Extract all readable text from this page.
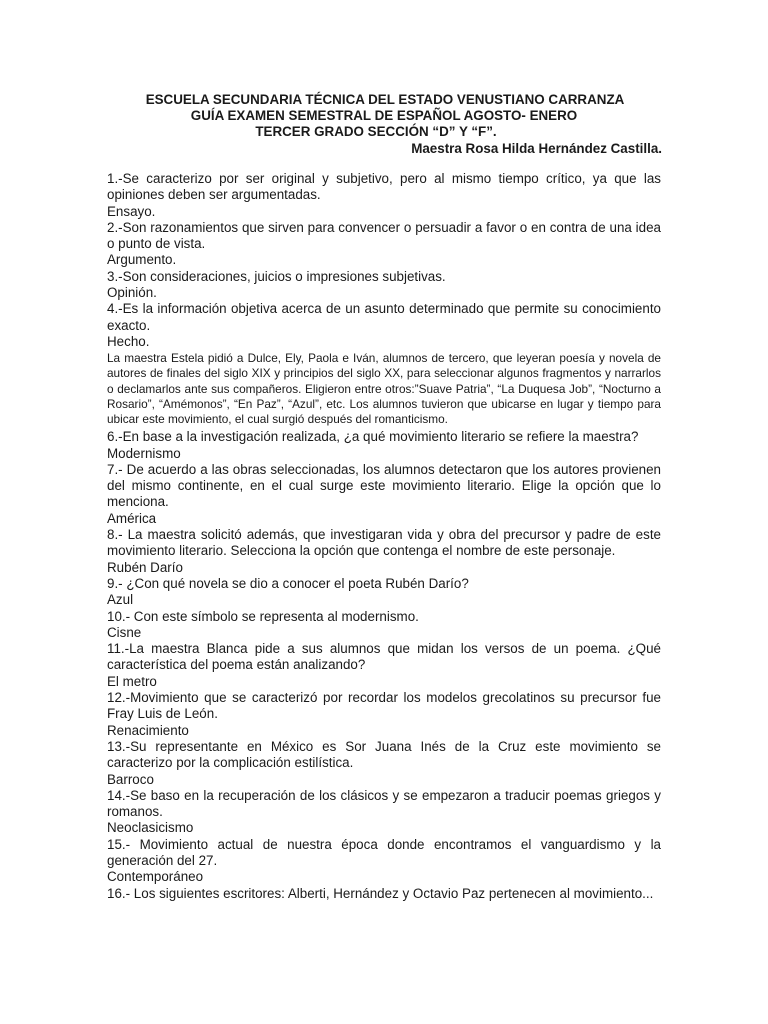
ESCUELA SECUNDARIA TÉCNICA DEL ESTADO VENUSTIANO CARRANZA
GUÍA EXAMEN SEMESTRAL DE ESPAÑOL AGOSTO- ENERO
TERCER GRADO SECCIÓN “D” Y “F”.
Maestra Rosa Hilda Hernández Castilla.
1.-Se caracterizo por ser original y subjetivo, pero al mismo tiempo crítico, ya que las opiniones deben ser argumentadas.
Ensayo.
2.-Son razonamientos que sirven para convencer o persuadir a favor o en contra de una idea o punto de vista.
Argumento.
3.-Son consideraciones, juicios o impresiones subjetivas.
Opinión.
4.-Es la información objetiva acerca de un asunto determinado que permite su conocimiento exacto.
Hecho.
La maestra Estela pidió a Dulce, Ely, Paola e Iván, alumnos de tercero, que leyeran poesía y novela de autores de finales del siglo XIX y principios del siglo XX, para seleccionar algunos fragmentos y narrarlos o declamarlos ante sus compañeros. Eligieron entre otros:”Suave Patria”, “La Duquesa Job”, “Nocturno a Rosario”, “Amémonos”, “En Paz”, “Azul”, etc. Los alumnos tuvieron que ubicarse en lugar y tiempo para ubicar este movimiento, el cual surgió después del romanticismo.
6.-En base a la investigación realizada, ¿a qué movimiento literario se refiere la maestra?
Modernismo
7.- De acuerdo a las obras seleccionadas, los alumnos detectaron que los autores provienen del mismo continente, en el cual surge este movimiento literario. Elige la opción que lo menciona.
América
8.- La maestra solicitó además, que investigaran vida y obra del precursor y padre de este movimiento literario. Selecciona la opción que contenga el nombre de este personaje.
Rubén Darío
9.- ¿Con qué novela se dio a conocer el poeta Rubén Darío?
Azul
10.- Con este símbolo se representa al modernismo.
Cisne
11.-La maestra Blanca pide a sus alumnos que midan los versos de un poema. ¿Qué característica del poema están analizando?
El metro
12.-Movimiento que se caracterizó por recordar los modelos grecolatinos su precursor fue Fray Luis de León.
Renacimiento
13.-Su representante en México es Sor Juana Inés de la Cruz este movimiento se caracterizo por la complicación estilística.
Barroco
14.-Se baso en la recuperación de los clásicos y se empezaron a traducir poemas griegos y romanos.
Neoclasicismo
15.- Movimiento actual de nuestra época donde encontramos el vanguardismo y la generación del 27.
Contemporáneo
16.- Los siguientes escritores: Alberti, Hernández y Octavio Paz pertenecen al movimiento...
